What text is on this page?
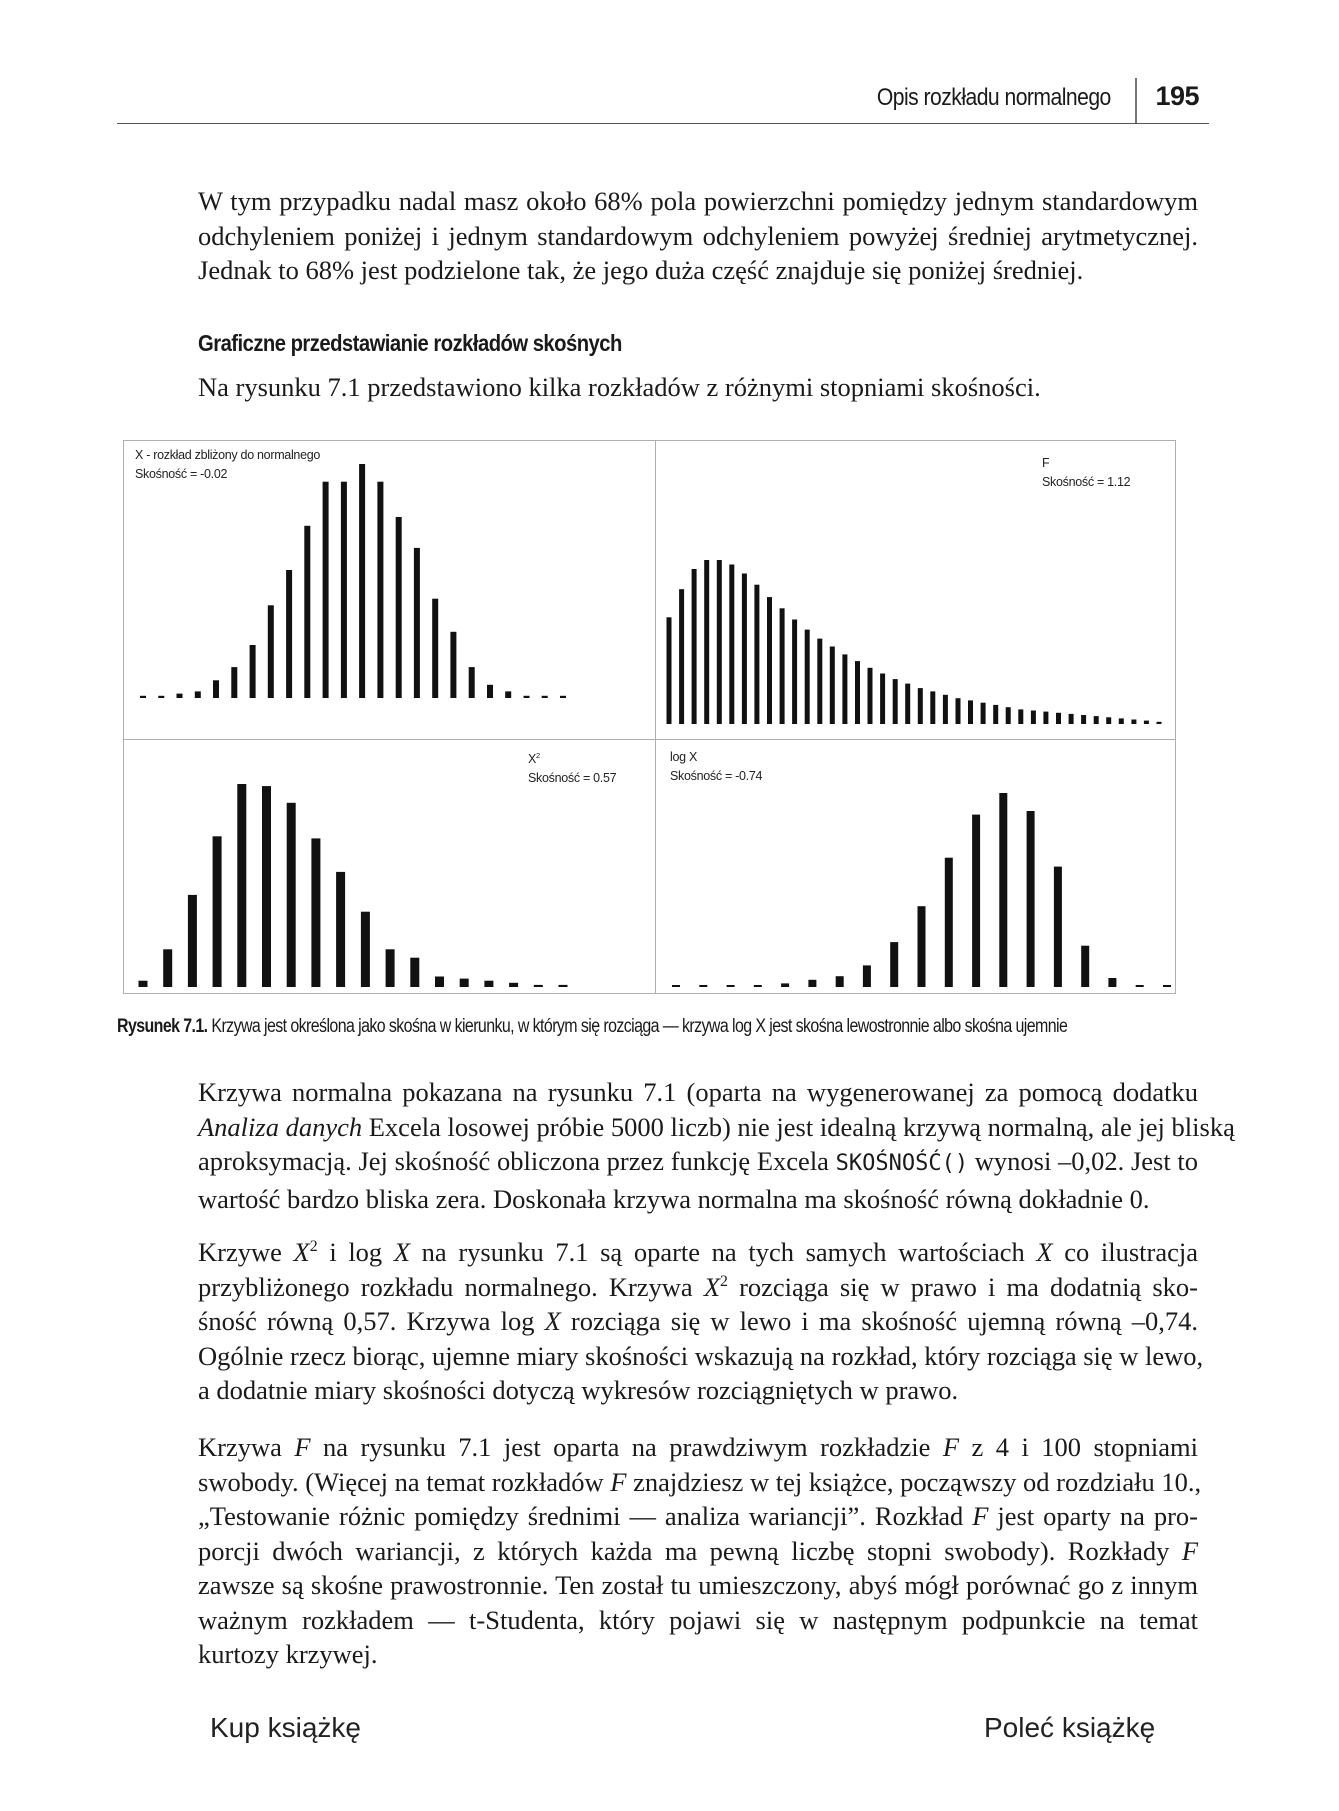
Opis rozkładu normalnego 195
W tym przypadku nadal masz około 68% pola powierzchni pomiędzy jednym standardowym
odchyleniem poniżej i jednym standardowym odchyleniem powyżej średniej arytmetycznej.
Jednak to 68% jest podzielone tak, że jego duża część znajduje się poniżej średniej.
Graficzne przedstawianie rozkładów skośnych
Na rysunku 7.1 przedstawiono kilka rozkładów z różnymi stopniami skośności.
X - rozkład zbliżony do normalnego
Skośność = -0.02
F
Skośność = 1.12
$X^2$
Skośność = 0.57
log X
Skośność = -0.74
Rysunek 7.1. Krzywa jest określona jako skośna w kierunku, w którym się rozciąga — krzywa log X jest skośna lewostronnie albo skośna ujemnie
Krzywa normalna pokazana na rysunku 7.1 (oparta na wygenerowanej za pomocą dodatku
Analiza danych Excela losowej próbie 5000 liczb) nie jest idealną krzywą normalną, ale jej bliską
aproksymacją. Jej skośność obliczona przez funkcję Excela SKOŚNOŚĆ() wynosi –0,02. Jest to
wartość bardzo bliska zera. Doskonała krzywa normalna ma skośność równą dokładnie 0.
Krzywe $X^2$ i log X na rysunku 7.1 są oparte na tych samych wartościach X co ilustracja
przybliżonego rozkładu normalnego. Krzywa $X^2$ rozciąga się w prawo i ma dodatnią sko-
śność równą 0,57. Krzywa log X rozciąga się w lewo i ma skośność ujemną równą –0,74.
Ogólnie rzecz biorąc, ujemne miary skośności wskazują na rozkład, który rozciąga się w lewo,
a dodatnie miary skośności dotyczą wykresów rozciągniętych w prawo.
Krzywa F na rysunku 7.1 jest oparta na prawdziwym rozkładzie F z 4 i 100 stopniami
swobody. (Więcej na temat rozkładów F znajdziesz w tej książce, począwszy od rozdziału 10.,
„Testowanie różnic pomiędzy średnimi — analiza wariancji”. Rozkład F jest oparty na pro-
porcji dwóch wariancji, z których każda ma pewną liczbę stopni swobody). Rozkłady F
zawsze są skośne prawostronnie. Ten został tu umieszczony, abyś mógł porównać go z innym
ważnym rozkładem — t-Studenta, który pojawi się w następnym podpunkcie na temat
kurtozy krzywej.
Kup książkę	Poleć książkę
